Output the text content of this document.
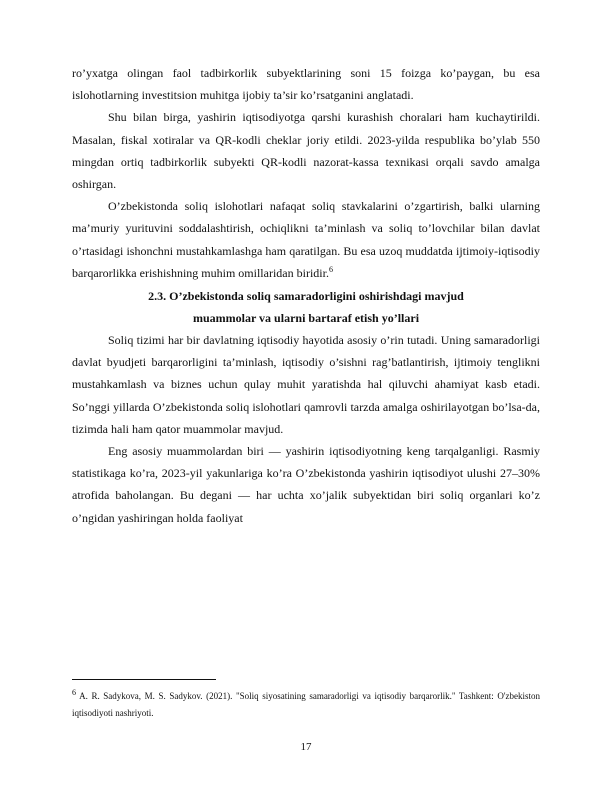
ro’yxatga olingan faol tadbirkorlik subyektlarining soni 15 foizga ko’paygan, bu esa islohotlarning investitsion muhitga ijobiy ta’sir ko’rsatganini anglatadi.

Shu bilan birga, yashirin iqtisodiyotga qarshi kurashish choralari ham kuchaytirildi. Masalan, fiskal xotiralar va QR-kodli cheklar joriy etildi. 2023-yilda respublika bo’ylab 550 mingdan ortiq tadbirkorlik subyekti QR-kodli nazorat-kassa texnikasi orqali savdo amalga oshirgan.

O’zbekistonda soliq islohotlari nafaqat soliq stavkalarini o’zgartirish, balki ularning ma’muriy yurituvini soddalashtirish, ochiqlikni ta’minlash va soliq to’lovchilar bilan davlat o’rtasidagi ishonchni mustahkamlashga ham qaratilgan. Bu esa uzoq muddatda ijtimoiy-iqtisodiy barqarorlikka erishishning muhim omillaridan biridir.$^6$

2.3. O’zbekistonda soliq samaradorligini oshirishdagi mavjud
muammolar va ularni bartaraf etish yo’llari

Soliq tizimi har bir davlatning iqtisodiy hayotida asosiy o’rin tutadi. Uning samaradorligi davlat byudjeti barqarorligini ta’minlash, iqtisodiy o’sishni rag’batlantirish, ijtimoiy tenglikni mustahkamlash va biznes uchun qulay muhit yaratishda hal qiluvchi ahamiyat kasb etadi. So’nggi yillarda O’zbekistonda soliq islohotlari qamrovli tarzda amalga oshirilayotgan bo’lsa-da, tizimda hali ham qator muammolar mavjud.

Eng asosiy muammolardan biri — yashirin iqtisodiyotning keng tarqalganligi. Rasmiy statistikaga ko’ra, 2023-yil yakunlariga ko’ra O’zbekistonda yashirin iqtisodiyot ulushi 27–30% atrofida baholangan. Bu degani — har uchta xo’jalik subyektidan biri soliq organlari ko’z o’ngidan yashiringan holda faoliyat

6 A. R. Sadykova, M. S. Sadykov. (2021). "Soliq siyosatining samaradorligi va iqtisodiy barqarorlik." Tashkent: O'zbekiston iqtisodiyoti nashriyoti.

17
